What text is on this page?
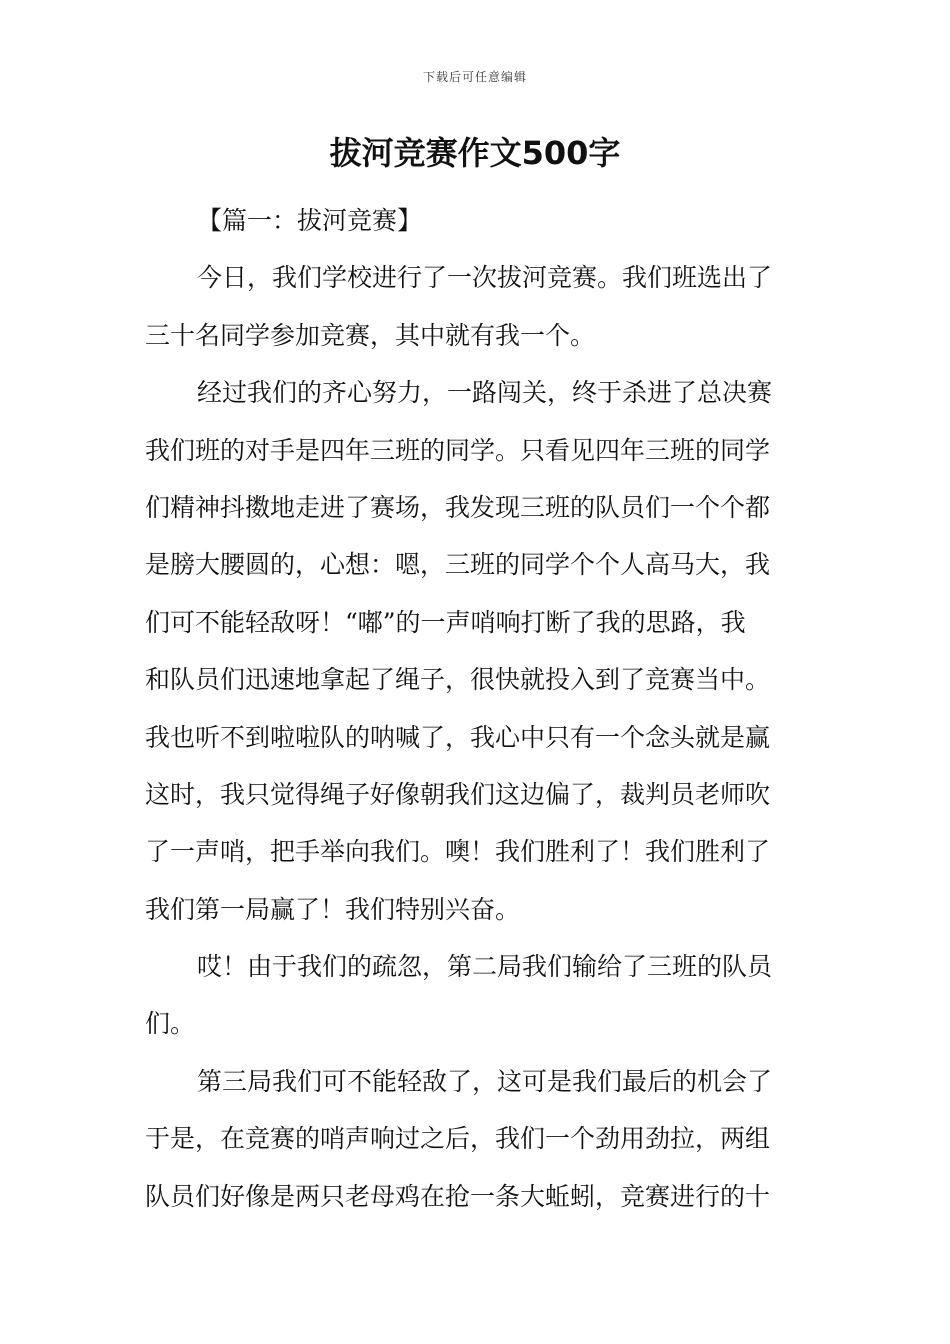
下载后可任意编辑
拔河竞赛作文500字
【篇一：拔河竞赛】
今日，我们学校进行了一次拔河竞赛。我们班选出了
三十名同学参加竞赛，其中就有我一个。
经过我们的齐心努力，一路闯关，终于杀进了总决赛
我们班的对手是四年三班的同学。只看见四年三班的同学
们精神抖擞地走进了赛场，我发现三班的队员们一个个都
是膀大腰圆的，心想：嗯，三班的同学个个人高马大，我
们可不能轻敌呀！“嘟”的一声哨响打断了我的思路，我
和队员们迅速地拿起了绳子，很快就投入到了竞赛当中。
我也听不到啦啦队的呐喊了，我心中只有一个念头就是赢
这时，我只觉得绳子好像朝我们这边偏了，裁判员老师吹
了一声哨，把手举向我们。噢！我们胜利了！我们胜利了
我们第一局赢了！我们特别兴奋。
哎！由于我们的疏忽，第二局我们输给了三班的队员
们。
第三局我们可不能轻敌了，这可是我们最后的机会了
于是，在竞赛的哨声响过之后，我们一个劲用劲拉，两组
队员们好像是两只老母鸡在抢一条大蚯蚓，竞赛进行的十
